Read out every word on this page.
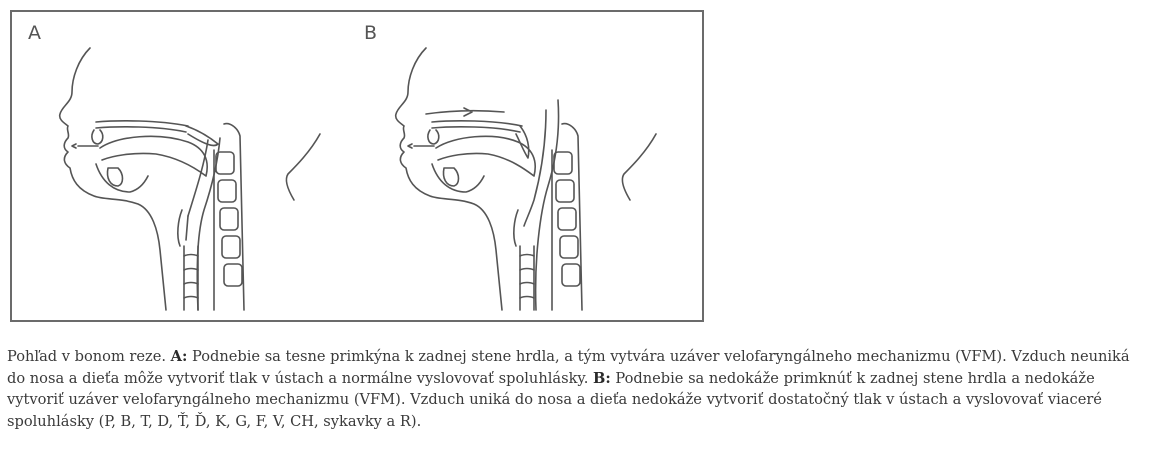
A	B

Pohľad v bonom reze. A: Podnebie sa tesne primkýna k zadnej stene hrdla, a tým vytvára uzáver velofaryngálneho mechanizmu (VFM). Vzduch neuniká do nosa a dieťa môže vytvoriť tlak v ústach a normálne vyslovovať spoluhlásky. B: Podnebie sa nedokáže primknúť k zadnej stene hrdla a nedokáže vytvoriť uzáver velofaryngálneho mechanizmu (VFM). Vzduch uniká do nosa a dieťa nedokáže vytvoriť dostatočný tlak v ústach a vyslovovať viaceré spoluhlásky (P, B, T, D, Ť, Ď, K, G, F, V, CH, sykavky a R).
